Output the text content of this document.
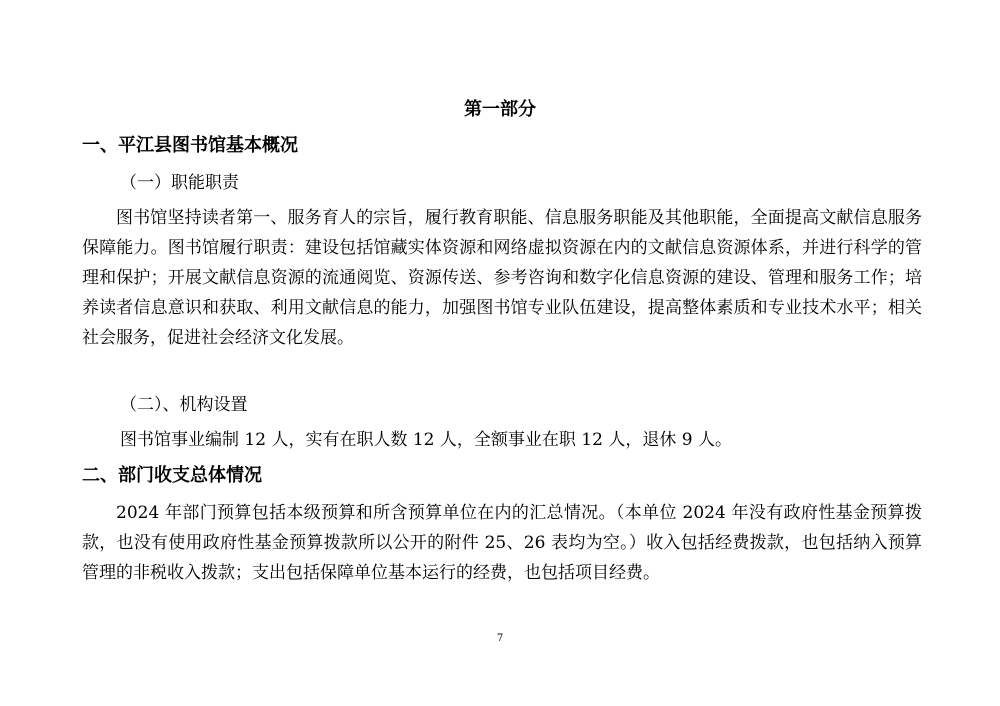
第一部分
一、平江县图书馆基本概况
（一）职能职责
图书馆坚持读者第一、服务育人的宗旨，履行教育职能、信息服务职能及其他职能，全面提高文献信息服务保障能力。图书馆履行职责：建设包括馆藏实体资源和网络虚拟资源在内的文献信息资源体系，并进行科学的管理和保护；开展文献信息资源的流通阅览、资源传送、参考咨询和数字化信息资源的建设、管理和服务工作；培养读者信息意识和获取、利用文献信息的能力，加强图书馆专业队伍建设，提高整体素质和专业技术水平；相关社会服务，促进社会经济文化发展。
（二）、机构设置
图书馆事业编制 12 人，实有在职人数 12 人，全额事业在职 12 人，退休 9 人。
二、部门收支总体情况
2024 年部门预算包括本级预算和所含预算单位在内的汇总情况。（本单位 2024 年没有政府性基金预算拨款，也没有使用政府性基金预算拨款所以公开的附件 25、26 表均为空。）收入包括经费拨款，也包括纳入预算管理的非税收入拨款；支出包括保障单位基本运行的经费，也包括项目经费。
7
